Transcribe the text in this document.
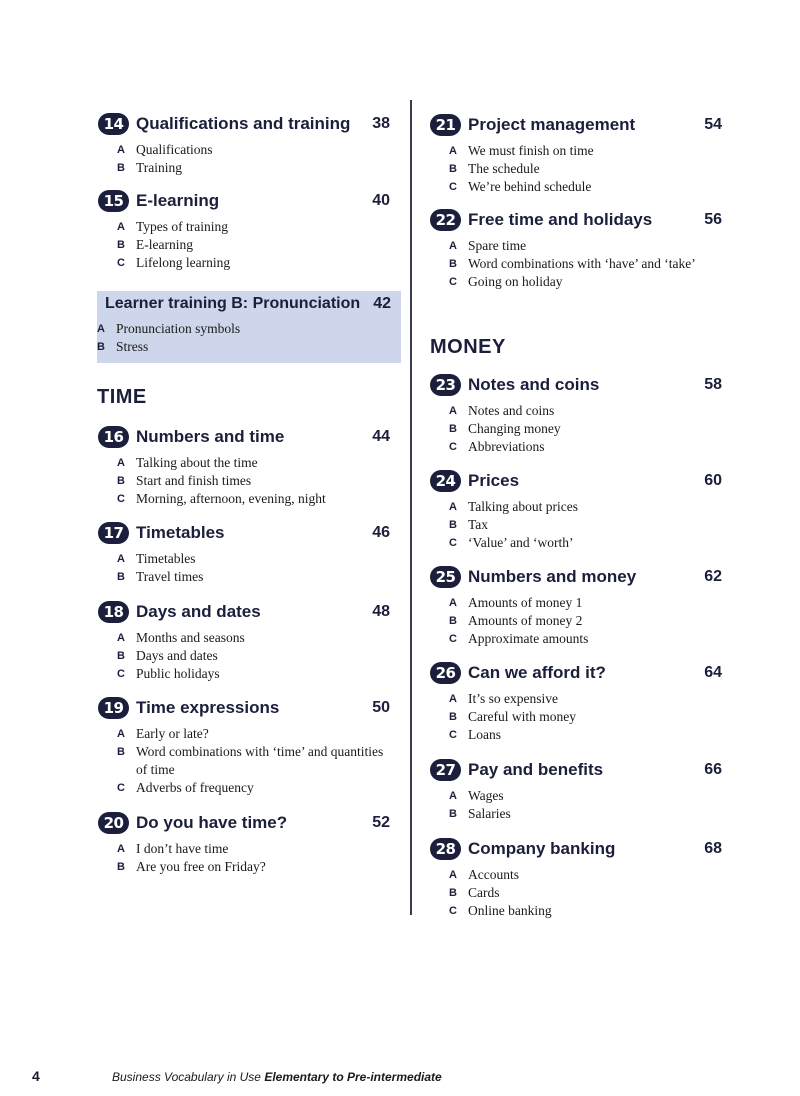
14 Qualifications and training 38
A Qualifications
B Training
15 E-learning	40
A Types of training
B E-learning
C Lifelong learning
Learner training B: Pronunciation 42
A Pronunciation symbols
B Stress
TIME
16 Numbers and time	44
A Talking about the time
B Start and finish times
C Morning, afternoon, evening, night
17 Timetables	46
A Timetables
B Travel times
18 Days and dates	48
A Months and seasons
B Days and dates
C Public holidays
19 Time expressions	50
A Early or late?
B Word combinations with ‘time’ and quantities of time
C Adverbs of frequency
20 Do you have time?	52
A I don’t have time
B Are you free on Friday?
21 Project management	54
A We must finish on time
B The schedule
C We’re behind schedule
22 Free time and holidays	56
A Spare time
B Word combinations with ‘have’ and ‘take’
C Going on holiday
MONEY
23 Notes and coins	58
A Notes and coins
B Changing money
C Abbreviations
24 Prices	60
A Talking about prices
B Tax
C ‘Value’ and ‘worth’
25 Numbers and money	62
A Amounts of money 1
B Amounts of money 2
C Approximate amounts
26 Can we afford it?	64
A It’s so expensive
B Careful with money
C Loans
27 Pay and benefits	66
A Wages
B Salaries
28 Company banking	68
A Accounts
B Cards
C Online banking
4	Business Vocabulary in Use Elementary to Pre-intermediate
